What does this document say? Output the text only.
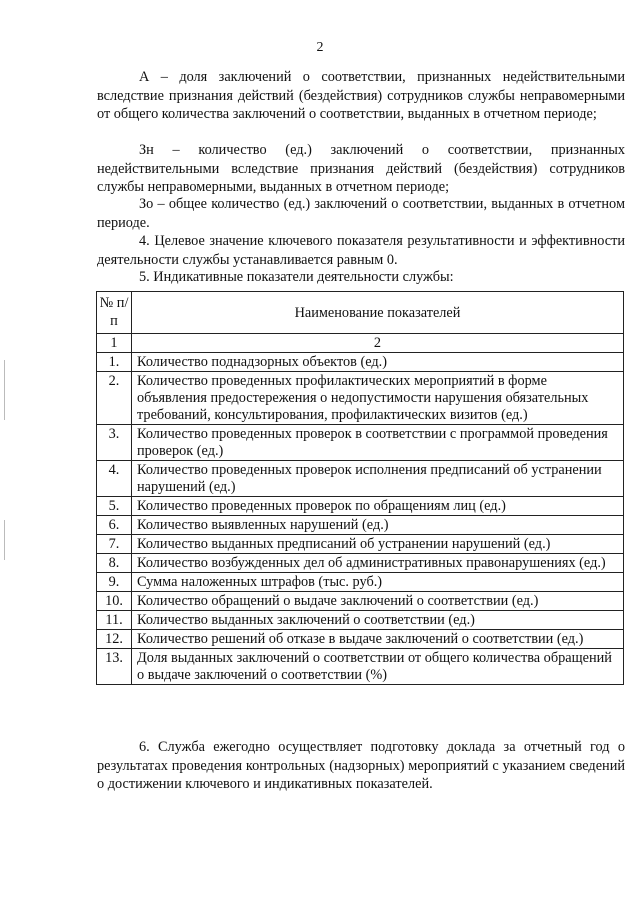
2
А – доля заключений о соответствии, признанных недействительными вследствие признания действий (бездействия) сотрудников службы неправомерными от общего количества заключений о соответствии, выданных в отчетном периоде;
Зн – количество (ед.) заключений о соответствии, признанных недействительными вследствие признания действий (бездействия) сотрудников службы неправомерными, выданных в отчетном периоде;
Зо – общее количество (ед.) заключений о соответствии, выданных в отчетном периоде.
4. Целевое значение ключевого показателя результативности и эффективности деятельности службы устанавливается равным 0.
5. Индикативные показатели деятельности службы:
№ п/п	Наименование показателей
1	2
1.	Количество поднадзорных объектов (ед.)
2.	Количество проведенных профилактических мероприятий в форме объявления предостережения о недопустимости нарушения обязательных требований, консультирования, профилактических визитов (ед.)
3.	Количество проведенных проверок в соответствии с программой проведения проверок (ед.)
4.	Количество проведенных проверок исполнения предписаний об устранении нарушений (ед.)
5.	Количество проведенных проверок по обращениям лиц (ед.)
6.	Количество выявленных нарушений (ед.)
7.	Количество выданных предписаний об устранении нарушений (ед.)
8.	Количество возбужденных дел об административных правонарушениях (ед.)
9.	Сумма наложенных штрафов (тыс. руб.)
10.	Количество обращений о выдаче заключений о соответствии (ед.)
11.	Количество выданных заключений о соответствии (ед.)
12.	Количество решений об отказе в выдаче заключений о соответствии (ед.)
13.	Доля выданных заключений о соответствии от общего количества обращений о выдаче заключений о соответствии (%)
6. Служба ежегодно осуществляет подготовку доклада за отчетный год о результатах проведения контрольных (надзорных) мероприятий с указанием сведений о достижении ключевого и индикативных показателей.
